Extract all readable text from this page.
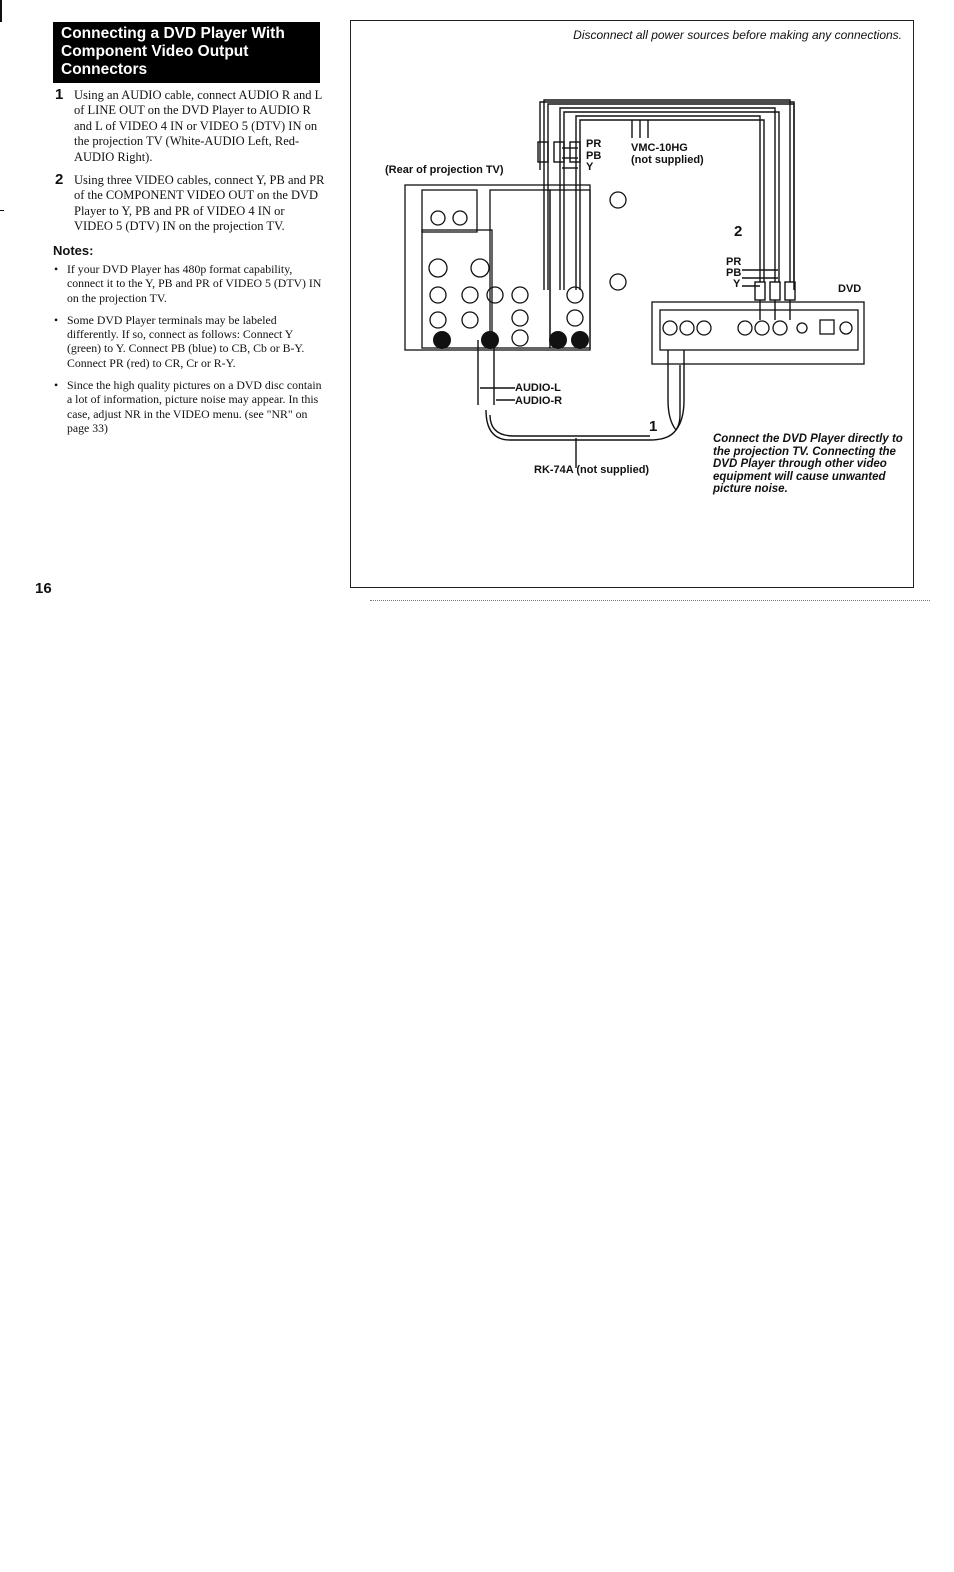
Connecting a DVD Player With Component Video Output Connectors
1 Using an AUDIO cable, connect AUDIO R and L of LINE OUT on the DVD Player to AUDIO R and L of VIDEO 4 IN or VIDEO 5 (DTV) IN on the projection TV (White-AUDIO Left, Red-AUDIO Right).
2 Using three VIDEO cables, connect Y, PB and PR of the COMPONENT VIDEO OUT on the DVD Player to Y, PB and PR of VIDEO 4 IN or VIDEO 5 (DTV) IN on the projection TV.
Notes:
• If your DVD Player has 480p format capability, connect it to the Y, PB and PR of VIDEO 5 (DTV) IN on the projection TV.
• Some DVD Player terminals may be labeled differently. If so, connect as follows: Connect Y (green) to Y. Connect PB (blue) to CB, Cb or B-Y. Connect PR (red) to CR, Cr or R-Y.
• Since the high quality pictures on a DVD disc contain a lot of information, picture noise may appear. In this case, adjust NR in the VIDEO menu. (see "NR" on page 33)
16
Disconnect all power sources before making any connections.
(Rear of projection TV)
PR
PB
Y
VMC-10HG
(not supplied)
2
PR
PB
Y	DVD
AUDIO-L
AUDIO-R
1
RK-74A (not supplied)
Connect the DVD Player directly to the projection TV. Connecting the DVD Player through other video equipment will cause unwanted picture noise.
